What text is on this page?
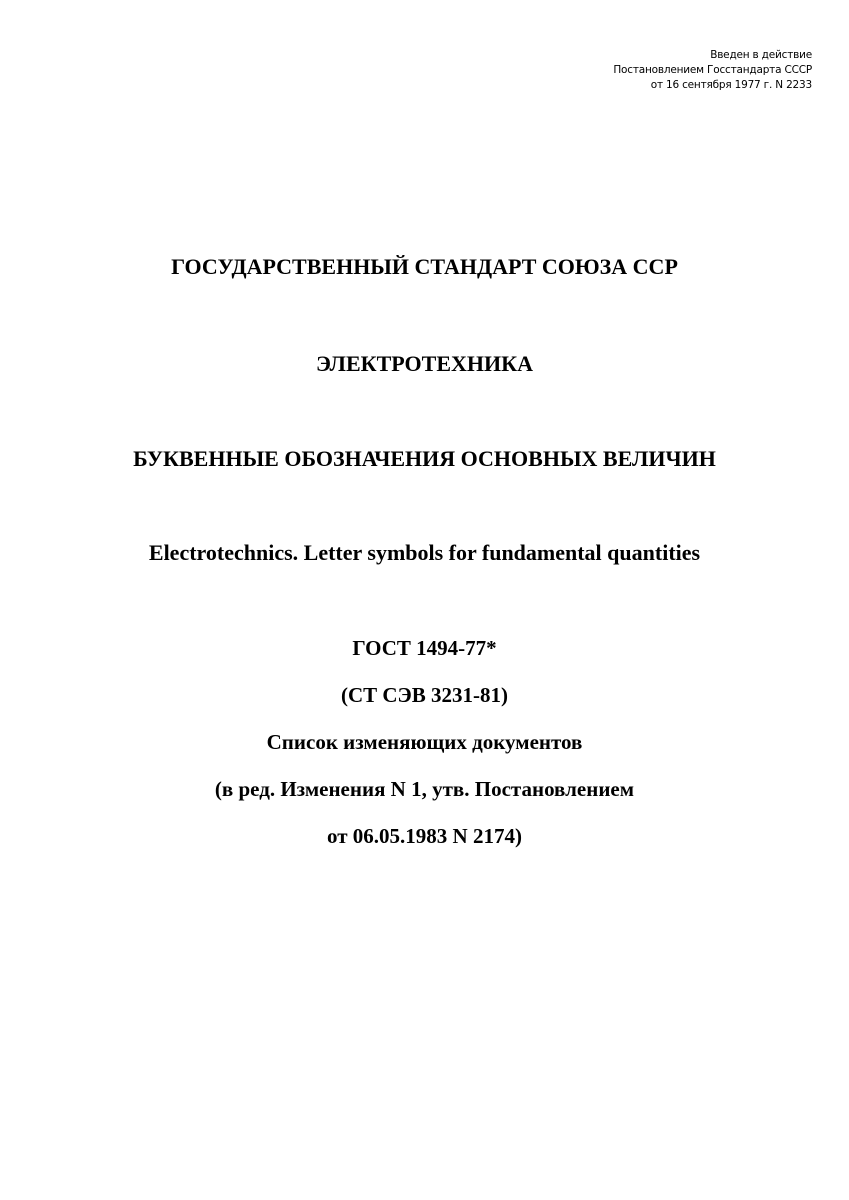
Введен в действие
Постановлением Госстандарта СССР
от 16 сентября 1977 г. N 2233
ГОСУДАРСТВЕННЫЙ СТАНДАРТ СОЮЗА ССР
ЭЛЕКТРОТЕХНИКА
БУКВЕННЫЕ ОБОЗНАЧЕНИЯ ОСНОВНЫХ ВЕЛИЧИН
Electrotechnics. Letter symbols for fundamental quantities
ГОСТ 1494-77*
(СТ СЭВ 3231-81)
Список изменяющих документов
(в ред. Изменения N 1, утв. Постановлением
от 06.05.1983 N 2174)
